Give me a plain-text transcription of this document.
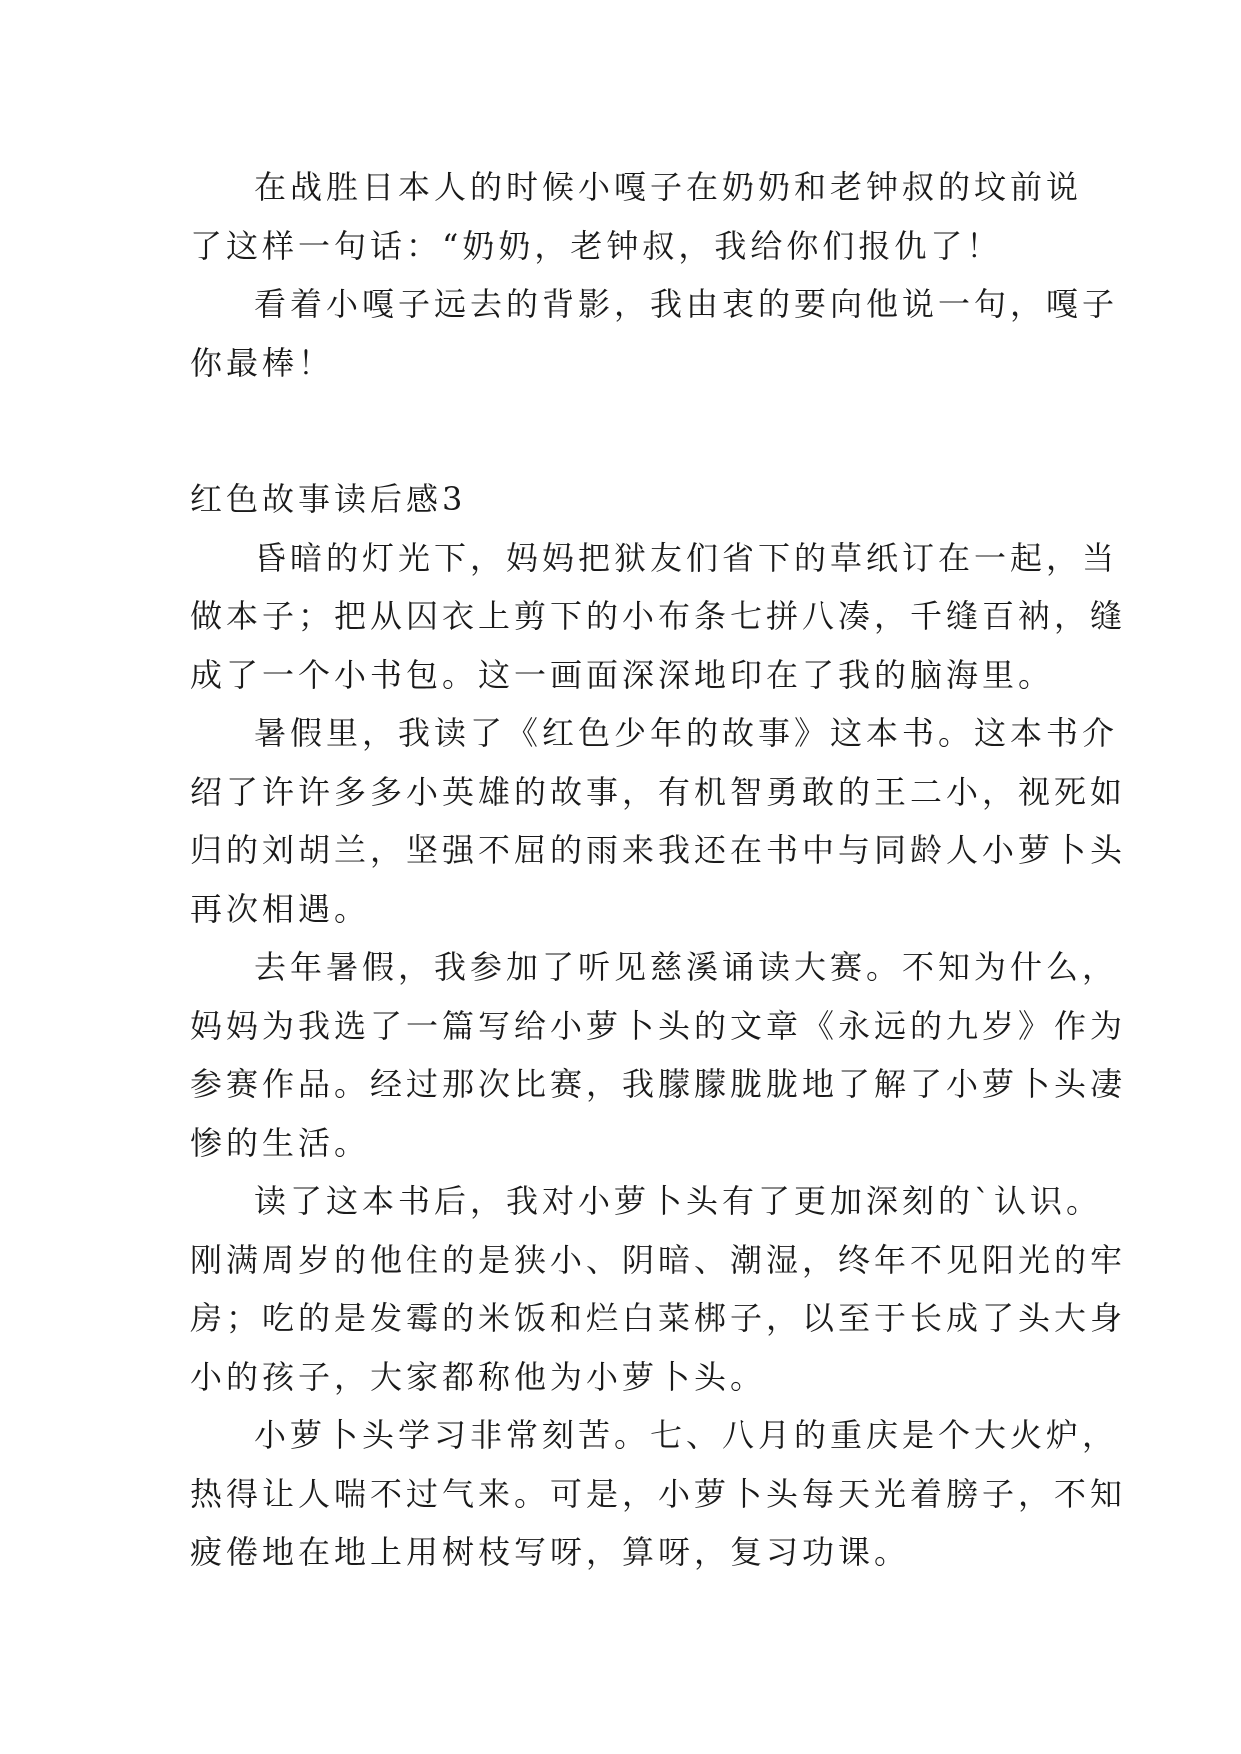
在战胜日本人的时候小嘎子在奶奶和老钟叔的坟前说
了这样一句话：“奶奶，老钟叔，我给你们报仇了！

看着小嘎子远去的背影，我由衷的要向他说一句，嘎子
你最棒！

红色故事读后感3

昏暗的灯光下，妈妈把狱友们省下的草纸订在一起，当
做本子；把从囚衣上剪下的小布条七拼八凑，千缝百衲，缝
成了一个小书包。这一画面深深地印在了我的脑海里。

暑假里，我读了《红色少年的故事》这本书。这本书介
绍了许许多多小英雄的故事，有机智勇敢的王二小，视死如
归的刘胡兰，坚强不屈的雨来我还在书中与同龄人小萝卜头
再次相遇。

去年暑假，我参加了听见慈溪诵读大赛。不知为什么，
妈妈为我选了一篇写给小萝卜头的文章《永远的九岁》作为
参赛作品。经过那次比赛，我朦朦胧胧地了解了小萝卜头凄
惨的生活。

读了这本书后，我对小萝卜头有了更加深刻的`认识。
刚满周岁的他住的是狭小、阴暗、潮湿，终年不见阳光的牢
房；吃的是发霉的米饭和烂白菜梆子，以至于长成了头大身
小的孩子，大家都称他为小萝卜头。

小萝卜头学习非常刻苦。七、八月的重庆是个大火炉，
热得让人喘不过气来。可是，小萝卜头每天光着膀子，不知
疲倦地在地上用树枝写呀，算呀，复习功课。
